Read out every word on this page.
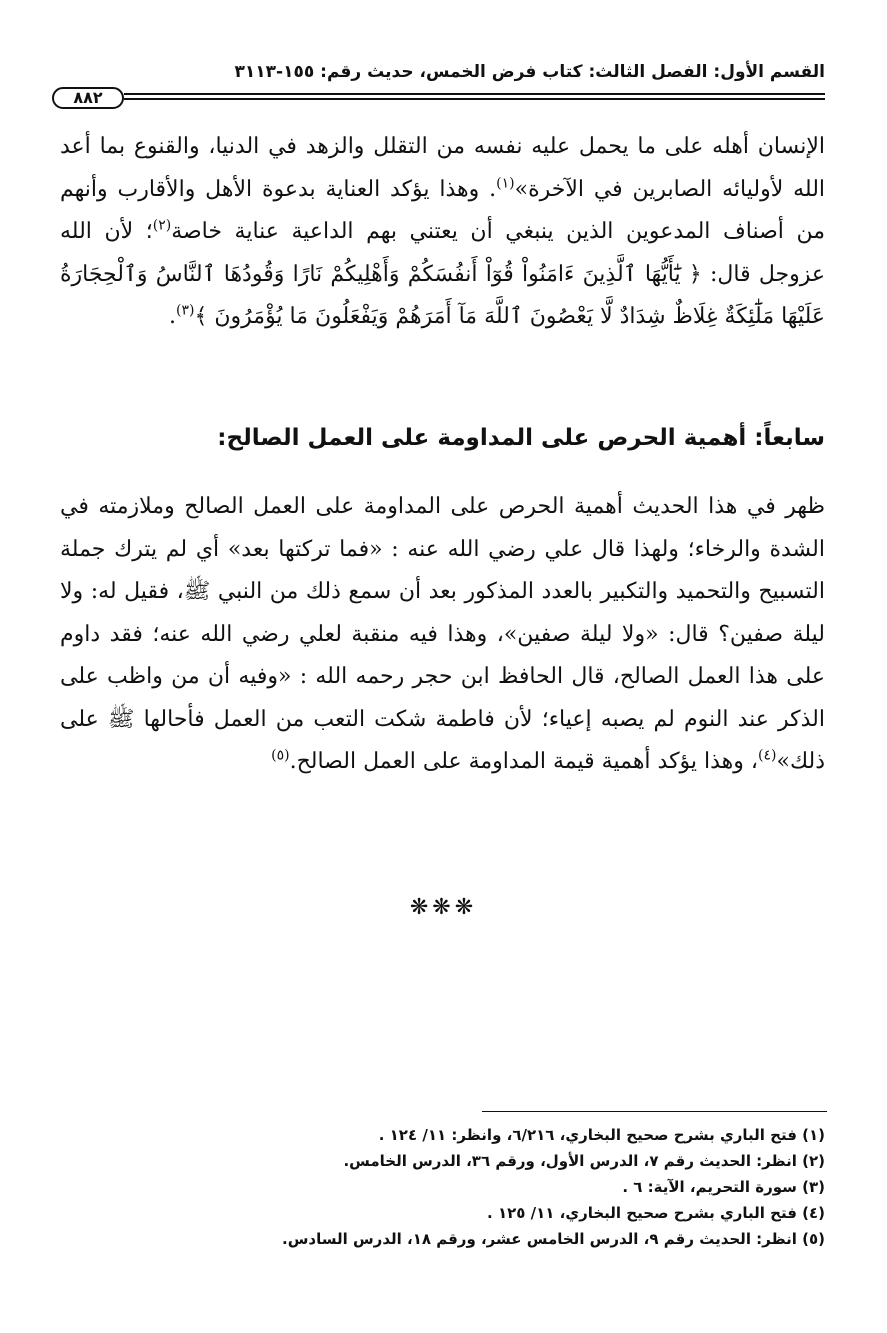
القسم الأول: الفصل الثالث: كتاب فرض الخمس، حديث رقم: ١٥٥-٣١١٣
٨٨٢

الإنسان أهله على ما يحمل عليه نفسه من التقلل والزهد في الدنيا، والقنوع بما أعد الله لأوليائه الصابرين في الآخرة»$^{(١)}$. وهذا يؤكد العناية بدعوة الأهل والأقارب وأنهم من أصناف المدعوين الذين ينبغي أن يعتني بهم الداعية عناية خاصة$^{(٢)}$؛ لأن الله عزوجل قال: ﴿ يَٰٓأَيُّهَا ٱلَّذِينَ ءَامَنُواْ قُوٓاْ أَنفُسَكُمْ وَأَهْلِيكُمْ نَارًا وَقُودُهَا ٱلنَّاسُ وَٱلْحِجَارَةُ عَلَيْهَا مَلَٰٓئِكَةٌ غِلَاظٌ شِدَادٌ لَّا يَعْصُونَ ٱللَّهَ مَآ أَمَرَهُمْ وَيَفْعَلُونَ مَا يُؤْمَرُونَ ﴾$^{(٣)}$.

سابعاً: أهمية الحرص على المداومة على العمل الصالح:

ظهر في هذا الحديث أهمية الحرص على المداومة على العمل الصالح وملازمته في الشدة والرخاء؛ ولهذا قال علي رضي الله عنه : «فما تركتها بعد» أي لم يترك جملة التسبيح والتحميد والتكبير بالعدد المذكور بعد أن سمع ذلك من النبي ﷺ، فقيل له: ولا ليلة صفين؟ قال: «ولا ليلة صفين»، وهذا فيه منقبة لعلي رضي الله عنه؛ فقد داوم على هذا العمل الصالح، قال الحافظ ابن حجر رحمه الله : «وفيه أن من واظب على الذكر عند النوم لم يصبه إعياء؛ لأن فاطمة شكت التعب من العمل فأحالها ﷺ على ذلك»$^{(٤)}$، وهذا يؤكد أهمية قيمة المداومة على العمل الصالح.$^{(٥)}$

❋❋❋
(١) فتح الباري بشرح صحيح البخاري، ٦/٢١٦، وانظر: ١١/ ١٢٤ .
(٢) انظر: الحديث رقم ٧، الدرس الأول، ورقم ٣٦، الدرس الخامس.
(٣) سورة التحريم، الآية: ٦ .
(٤) فتح الباري بشرح صحيح البخاري، ١١/ ١٢٥ .
(٥) انظر: الحديث رقم ٩، الدرس الخامس عشر، ورقم ١٨، الدرس السادس.
